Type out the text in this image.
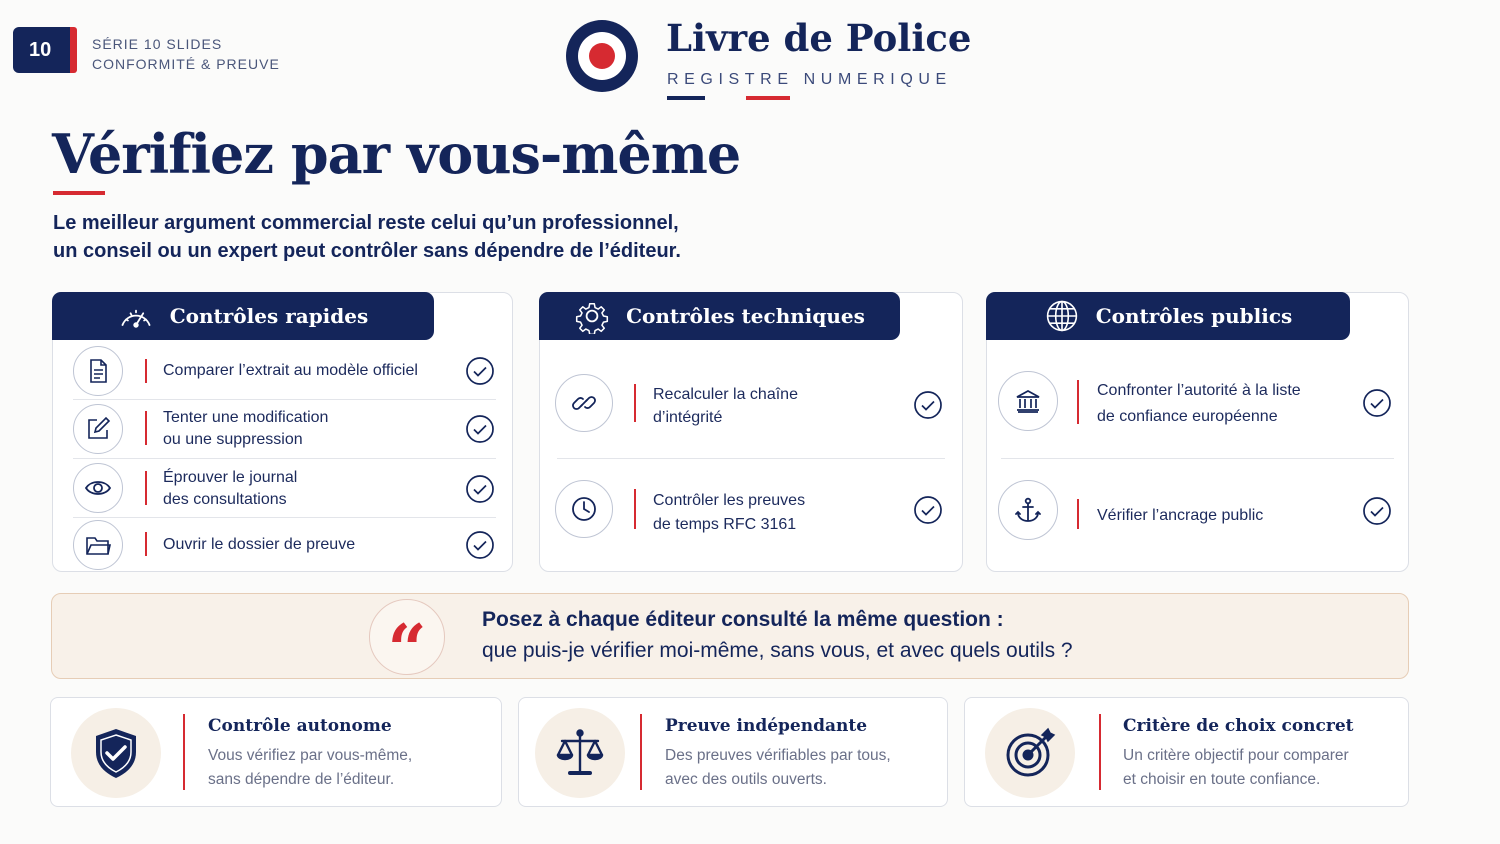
10	SÉRIE 10 SLIDES
CONFORMITÉ & PREUVE
Livre de Police
REGISTRE NUMERIQUE
Vérifiez par vous-même
Le meilleur argument commercial reste celui qu’un professionnel,
un conseil ou un expert peut contrôler sans dépendre de l’éditeur.
Contrôles rapides
Comparer l’extrait au modèle officiel
Tenter une modification
ou une suppression
Éprouver le journal
des consultations
Ouvrir le dossier de preuve
Contrôles techniques
Recalculer la chaîne
d’intégrité
Contrôler les preuves
de temps RFC 3161
Contrôles publics
Confronter l’autorité à la liste
de confiance européenne
Vérifier l’ancrage public
“	Posez à chaque éditeur consulté la même question :
que puis-je vérifier moi-même, sans vous, et avec quels outils ?
Contrôle autonome
Vous vérifiez par vous-même,
sans dépendre de l’éditeur.
Preuve indépendante
Des preuves vérifiables par tous,
avec des outils ouverts.
Critère de choix concret
Un critère objectif pour comparer
et choisir en toute confiance.
